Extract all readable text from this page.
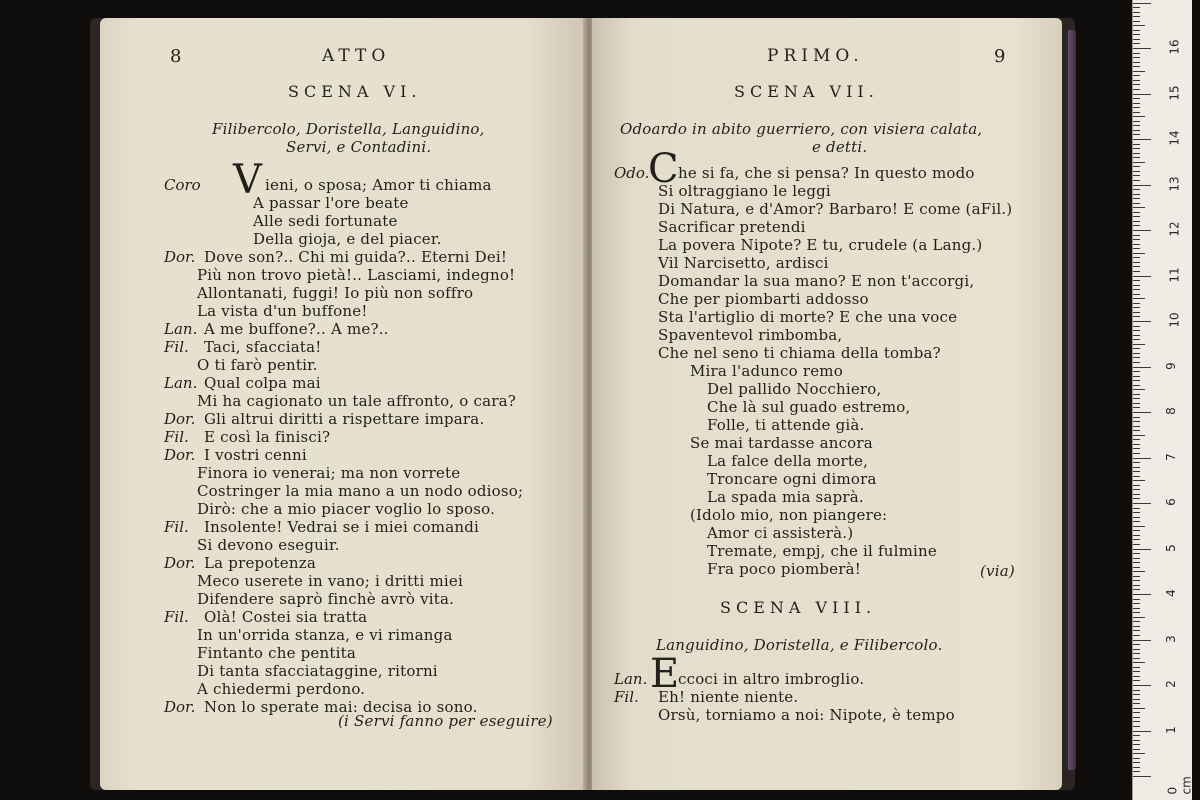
8	ATTO
SCENA VI.
Filibercolo, Doristella, Languidino,
Servi, e Contadini.
Coro V ieni, o sposa; Amor ti chiama
A passar l'ore beate
Alle sedi fortunate
Della gioja, e del piacer.
Dor. Dove son?.. Chi mi guida?.. Eterni Dei!
Più non trovo pietà!.. Lasciami, indegno!
Allontanati, fuggi! Io più non soffro
La vista d'un buffone!
Lan. A me buffone?.. A me?..
Fil. Taci, sfacciata!
O ti farò pentir.
Lan. Qual colpa mai
Mi ha cagionato un tale affronto, o cara?
Dor. Gli altrui diritti a rispettare impara.
Fil. E così la finisci?
Dor. I vostri cenni
Finora io venerai; ma non vorrete
Costringer la mia mano a un nodo odioso;
Dirò: che a mio piacer voglio lo sposo.
Fil. Insolente! Vedrai se i miei comandi
Si devono eseguir.
Dor. La prepotenza
Meco userete in vano; i dritti miei
Difendere saprò finchè avrò vita.
Fil. Olà! Costei sia tratta
In un'orrida stanza, e vi rimanga
Fintanto che pentita
Di tanta sfacciataggine, ritorni
A chiedermi perdono.
Dor. Non lo sperate mai: decisa io sono.
(i Servi fanno per eseguire)
PRIMO.	9
SCENA VII.
Odoardo in abito guerriero, con visiera calata,
e detti.
Odo.
C he si fa, che si pensa? In questo modo
Si oltraggiano le leggi
Di Natura, e d'Amor? Barbaro! E come (aFil.)
Sacrificar pretendi
La povera Nipote? E tu, crudele (a Lang.)
Vil Narcisetto, ardisci
Domandar la sua mano? E non t'accorgi,
Che per piombarti addosso
Sta l'artiglio di morte? E che una voce
Spaventevol rimbomba,
Che nel seno ti chiama della tomba?
Mira l'adunco remo
Del pallido Nocchiero,
Che là sul guado estremo,
Folle, ti attende già.
Se mai tardasse ancora
La falce della morte,
Troncare ogni dimora
La spada mia saprà.
(Idolo mio, non piangere:
Amor ci assisterà.)
Tremate, empj, che il fulmine
Fra poco piomberà!	(via)
SCENA VIII.
Languidino, Doristella, e Filibercolo.
Lan. E
ccoci in altro imbroglio.
Fil. Eh! niente niente.
Orsù, torniamo a noi: Nipote, è tempo
16
15
14
13
12
11
10
9
8
7
6
5
4
3
2
1
0 cm
